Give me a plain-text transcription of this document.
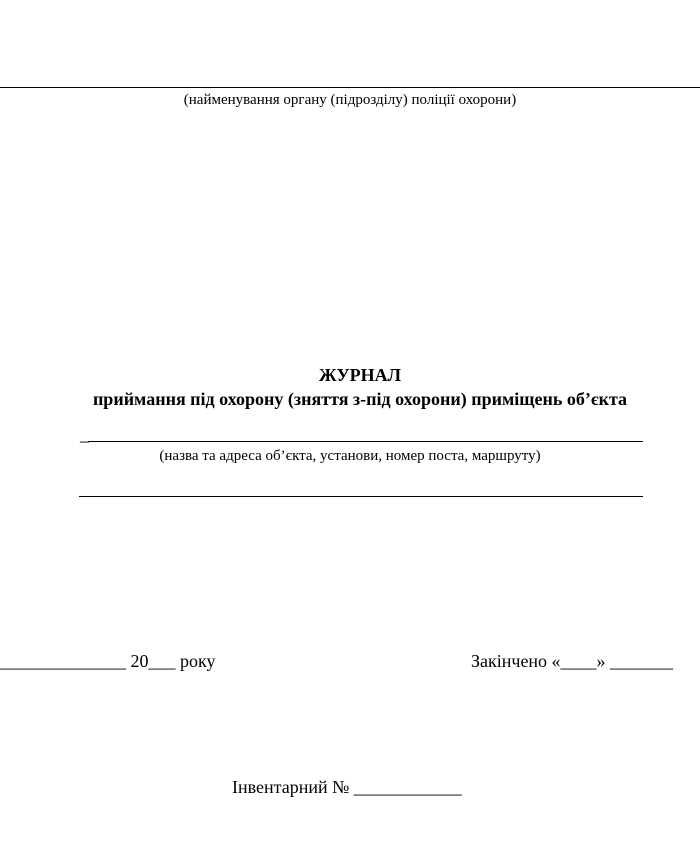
(найменування органу (підрозділу) поліції охорони)
ЖУРНАЛ
приймання під охорону (зняття з-під охорони) приміщень об’єкта
_
(назва та адреса об’єкта, установи, номер поста, маршруту)
______________ 20___ року	Закінчено «____» _______
Інвентарний № ____________
